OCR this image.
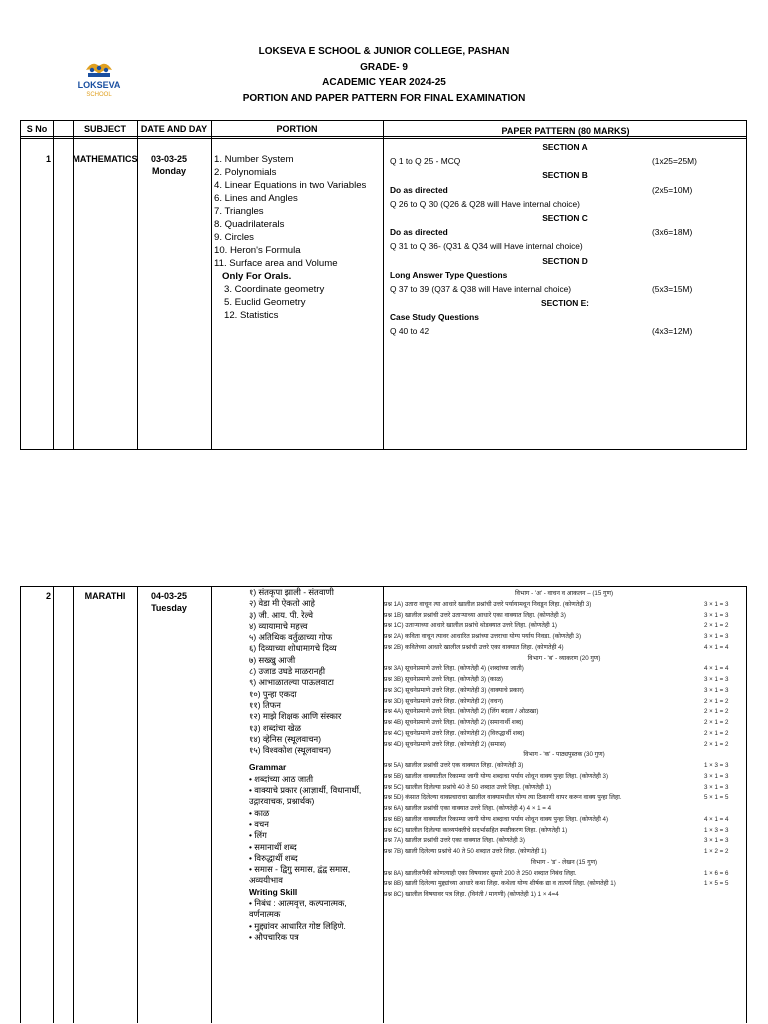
LOKSEVA E SCHOOL & JUNIOR COLLEGE, PASHAN
GRADE- 9
ACADEMIC YEAR 2024-25
PORTION AND PAPER PATTERN FOR FINAL EXAMINATION
LOKSEVA
SCHOOL
S No	SUBJECT	DATE AND DAY	PORTION	PAPER PATTERN (80 MARKS)
1	MATHEMATICS	03-03-25
Monday
1. Number System
2. Polynomials
4. Linear Equations in two Variables
6. Lines and Angles
7. Triangles
8. Quadrilaterals
9. Circles
10. Heron's Formula
11. Surface area and Volume
Only For Orals.
3. Coordinate geometry
5. Euclid Geometry
12. Statistics
SECTION A
Q 1 to Q 25 - MCQ	(1x25=25M)
SECTION B
Do as directed	(2x5=10M)
Q 26 to Q 30 (Q26 & Q28 will Have internal choice)
SECTION C
Do as directed	(3x6=18M)
Q 31 to Q 36- (Q31 & Q34 will Have internal choice)
SECTION D
Long Answer Type Questions
Q 37 to 39 (Q37 & Q38 will Have internal choice)	(5x3=15M)
SECTION E:
Case Study Questions
Q 40 to 42	(4x3=12M)
2	MARATHI	04-03-25
Tuesday
१) संतकृपा झाली - संतवाणी
२) वेडा मी ऐकतो आहे
३) जी. आय. पी. रेल्वे
४) व्यायामाचे महत्त्व
५) अतिथिक वर्तुळाच्या गोफ
६) दिव्याच्या शोधामागचे दिव्य
७) सख्खु आजी
८) उजाड उघडे माळरानही
९) आभाळातल्या पाऊलवाटा
१०) पुन्हा एकदा
११) तिफन
१२) माझे शिक्षक आणि संस्कार
१३) शब्दांचा खेळ
१४) व्हेनिस (स्थूलवाचन)
१५) विश्वकोश (स्थूलवाचन)
Grammar
• शब्दांच्या आठ जाती
• वाक्याचे प्रकार (आज्ञार्थी, विधानार्थी,
उद्गारवाचक, प्रश्नार्थक)
• काळ
• वचन
• लिंग
• समानार्थी शब्द
• विरुद्धार्थी शब्द
• समास - द्विगु समास, द्वंद्व समास,
अव्ययीभाव
Writing Skill
• निबंध : आत्मवृत्त, कल्पनात्मक,
वर्णनात्मक
• मुद्द्यांवर आधारित गोष्ट लिहिणे.
• औपचारिक पत्र
विभाग - 'अ' - वाचन व आकलन – (15 गुण)
प्रश्न 1A) उतारा वाचून त्या आधारे खालील प्रश्नांची उत्तरे पर्यायामधून निवडून लिहा. (कोणतेही 3)	3 × 1 = 3
प्रश्न 1B) खालील प्रश्नांची उत्तरे उताऱ्याच्या आधारे एका वाक्यात लिहा. (कोणतेही 3)	3 × 1 = 3
प्रश्न 1C) उताऱ्याच्या आधारे खालील प्रश्नांचे थोडक्यात उत्तरे लिहा. (कोणतेही 1)	2 × 1 = 2
प्रश्न 2A) कविता वाचून त्यावर आधारित प्रश्नांच्या उत्तराचा योग्य पर्याय निवडा. (कोणतेही 3)	3 × 1 = 3
प्रश्न 2B) कवितेच्या आधारे खालील प्रश्नांची उत्तरे एका वाक्यात लिहा. (कोणतेही 4)	4 × 1 = 4
विभाग - 'ब' - व्याकरण (20 गुण)
प्रश्न 3A) सूचनेप्रमाणे उत्तरे लिहा. (कोणतेही 4) (शब्दांच्या जाती)	4 × 1 = 4
प्रश्न 3B) सूचनेप्रमाणे उत्तरे लिहा. (कोणतेही 3) (काळ)	3 × 1 = 3
प्रश्न 3C) सूचनेप्रमाणे उत्तरे लिहा. (कोणतेही 3) (वाक्याचे प्रकार)	3 × 1 = 3
प्रश्न 3D) सूचनेप्रमाणे उत्तरे लिहा. (कोणतेही 2) (वचन)	2 × 1 = 2
प्रश्न 4A) सूचनेप्रमाणे उत्तरे लिहा. (कोणतेही 2) (लिंग बदला / ओळखा)	2 × 1 = 2
प्रश्न 4B) सूचनेप्रमाणे उत्तरे लिहा. (कोणतेही 2) (समानार्थी शब्द)	2 × 1 = 2
प्रश्न 4C) सूचनेप्रमाणे उत्तरे लिहा. (कोणतेही 2) (विरुद्धार्थी शब्द)	2 × 1 = 2
प्रश्न 4D) सूचनेप्रमाणे उत्तरे लिहा. (कोणतेही 2) (समास)	2 × 1 = 2
विभाग - 'क' - पाठ्यपुस्तक (30 गुण)
प्रश्न 5A) खालील प्रश्नांची उत्तरे एक वाक्यात लिहा. (कोणतेही 3)	1 × 3 = 3
प्रश्न 5B) खालील वाक्यातील रिकाम्या जागी योग्य शब्दाचा पर्याय शोधून वाक्य पुन्हा लिहा. (कोणतेही 3)	3 × 1 = 3
प्रश्न 5C) खालील दिलेल्या प्रश्नांचे 40 ते 50 शब्दात उत्तरे लिहा. (कोणतेही 1)	3 × 1 = 3
प्रश्न 5D) कंसात दिलेल्या वाक्प्रचाराचा खालील वाक्यामधील योग्य त्या ठिकाणी वापर करून वाक्य पुन्हा लिहा.	5 × 1 = 5
प्रश्न 6A) खालील प्रश्नांची एका वाक्यात उत्तरे लिहा. (कोणतेही 4) 4 × 1 = 4
प्रश्न 6B) खालील वाक्यातील रिकाम्या जागी योग्य शब्दाचा पर्याय शोधून वाक्य पुन्हा लिहा. (कोणतेही 4)	4 × 1 = 4
प्रश्न 6C) खालील दिलेल्या काव्यपंक्तीचे सदर्भासहित स्पष्टीकरण लिहा. (कोणतेही 1)	1 × 3 = 3
प्रश्न 7A) खालील प्रश्नांची उत्तरे एका वाक्यात लिहा. (कोणतेही 3)	3 × 1 = 3
प्रश्न 7B) खाली दिलेल्या प्रश्नांचे 40 ते 50 शब्दात उत्तरे लिहा. (कोणतेही 1)	1 × 2 = 2
विभाग - 'ड' - लेखन (15 गुण)
प्रश्न 8A) खालीलपैकी कोणत्याही एका विषयावर सुमारे 200 ते 250 शब्दात निबंध लिहा.	1 × 6 = 6
प्रश्न 8B) खाली दिलेल्या मुद्द्यांच्या आधारे कथा लिहा. कथेला योग्य शीर्षक द्या व तात्पर्य लिहा. (कोणतेही 1)	1 × 5 = 5
प्रश्न 8C) खालील विषयावर पत्र लिहा. (विनंती / मागणी) (कोणतेही 1) 1 × 4=4
